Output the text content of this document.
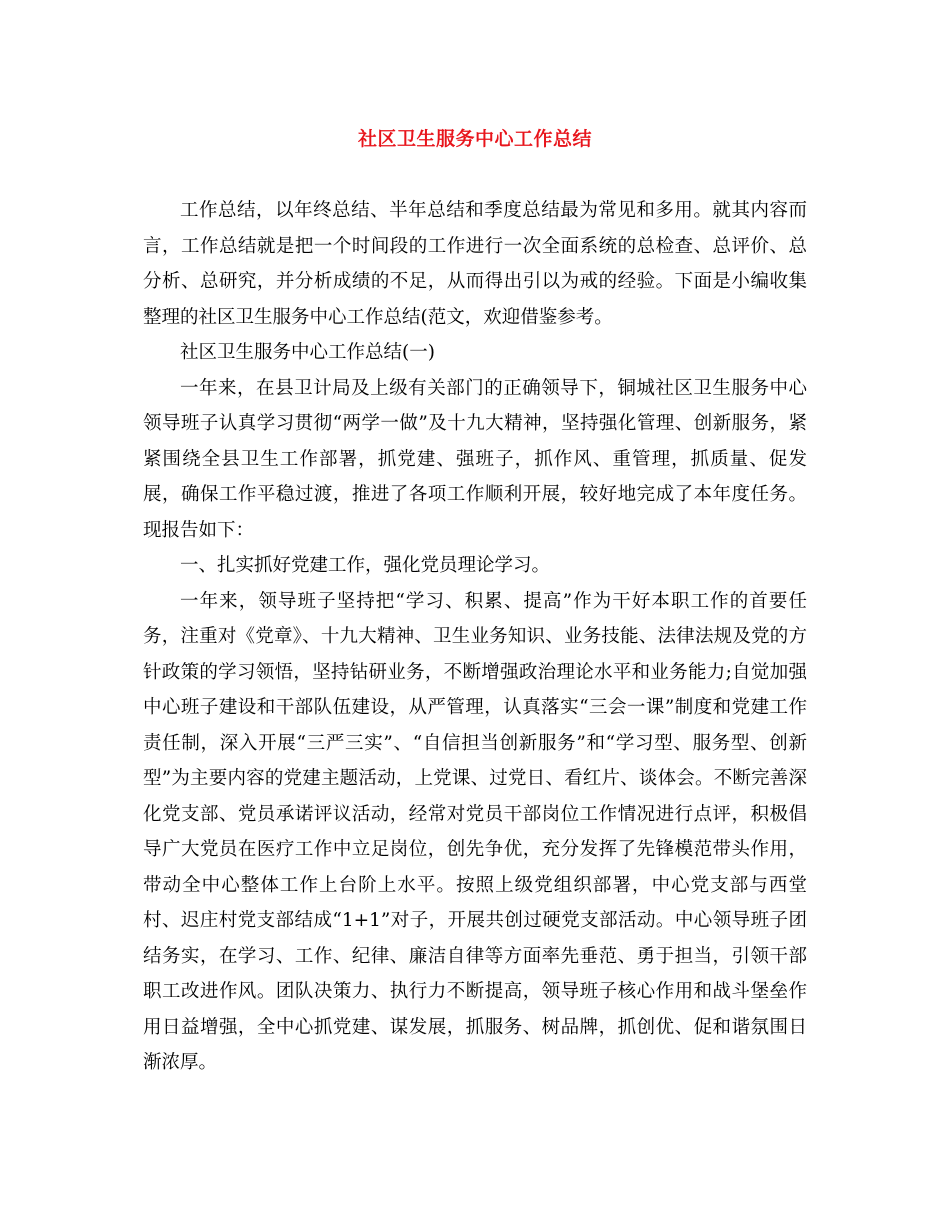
社区卫生服务中心工作总结

工作总结，以年终总结、半年总结和季度总结最为常见和多用。就其内容而言，工作总结就是把一个时间段的工作进行一次全面系统的总检查、总评价、总分析、总研究，并分析成绩的不足，从而得出引以为戒的经验。下面是小编收集整理的社区卫生服务中心工作总结(范文，欢迎借鉴参考。

社区卫生服务中心工作总结(一)

一年来，在县卫计局及上级有关部门的正确领导下，铜城社区卫生服务中心领导班子认真学习贯彻“两学一做”及十九大精神，坚持强化管理、创新服务，紧紧围绕全县卫生工作部署，抓党建、强班子，抓作风、重管理，抓质量、促发展，确保工作平稳过渡，推进了各项工作顺利开展，较好地完成了本年度任务。现报告如下：

一、扎实抓好党建工作，强化党员理论学习。

一年来，领导班子坚持把“学习、积累、提高”作为干好本职工作的首要任务，注重对《党章》、十九大精神、卫生业务知识、业务技能、法律法规及党的方针政策的学习领悟，坚持钻研业务，不断增强政治理论水平和业务能力;自觉加强中心班子建设和干部队伍建设，从严管理，认真落实“三会一课”制度和党建工作责任制，深入开展“三严三实”、“自信担当创新服务”和“学习型、服务型、创新型”为主要内容的党建主题活动，上党课、过党日、看红片、谈体会。不断完善深化党支部、党员承诺评议活动，经常对党员干部岗位工作情况进行点评，积极倡导广大党员在医疗工作中立足岗位，创先争优，充分发挥了先锋模范带头作用，带动全中心整体工作上台阶上水平。按照上级党组织部署，中心党支部与西堂村、迟庄村党支部结成“1+1”对子，开展共创过硬党支部活动。中心领导班子团结务实，在学习、工作、纪律、廉洁自律等方面率先垂范、勇于担当，引领干部职工改进作风。团队决策力、执行力不断提高，领导班子核心作用和战斗堡垒作用日益增强，全中心抓党建、谋发展，抓服务、树品牌，抓创优、促和谐氛围日渐浓厚。
